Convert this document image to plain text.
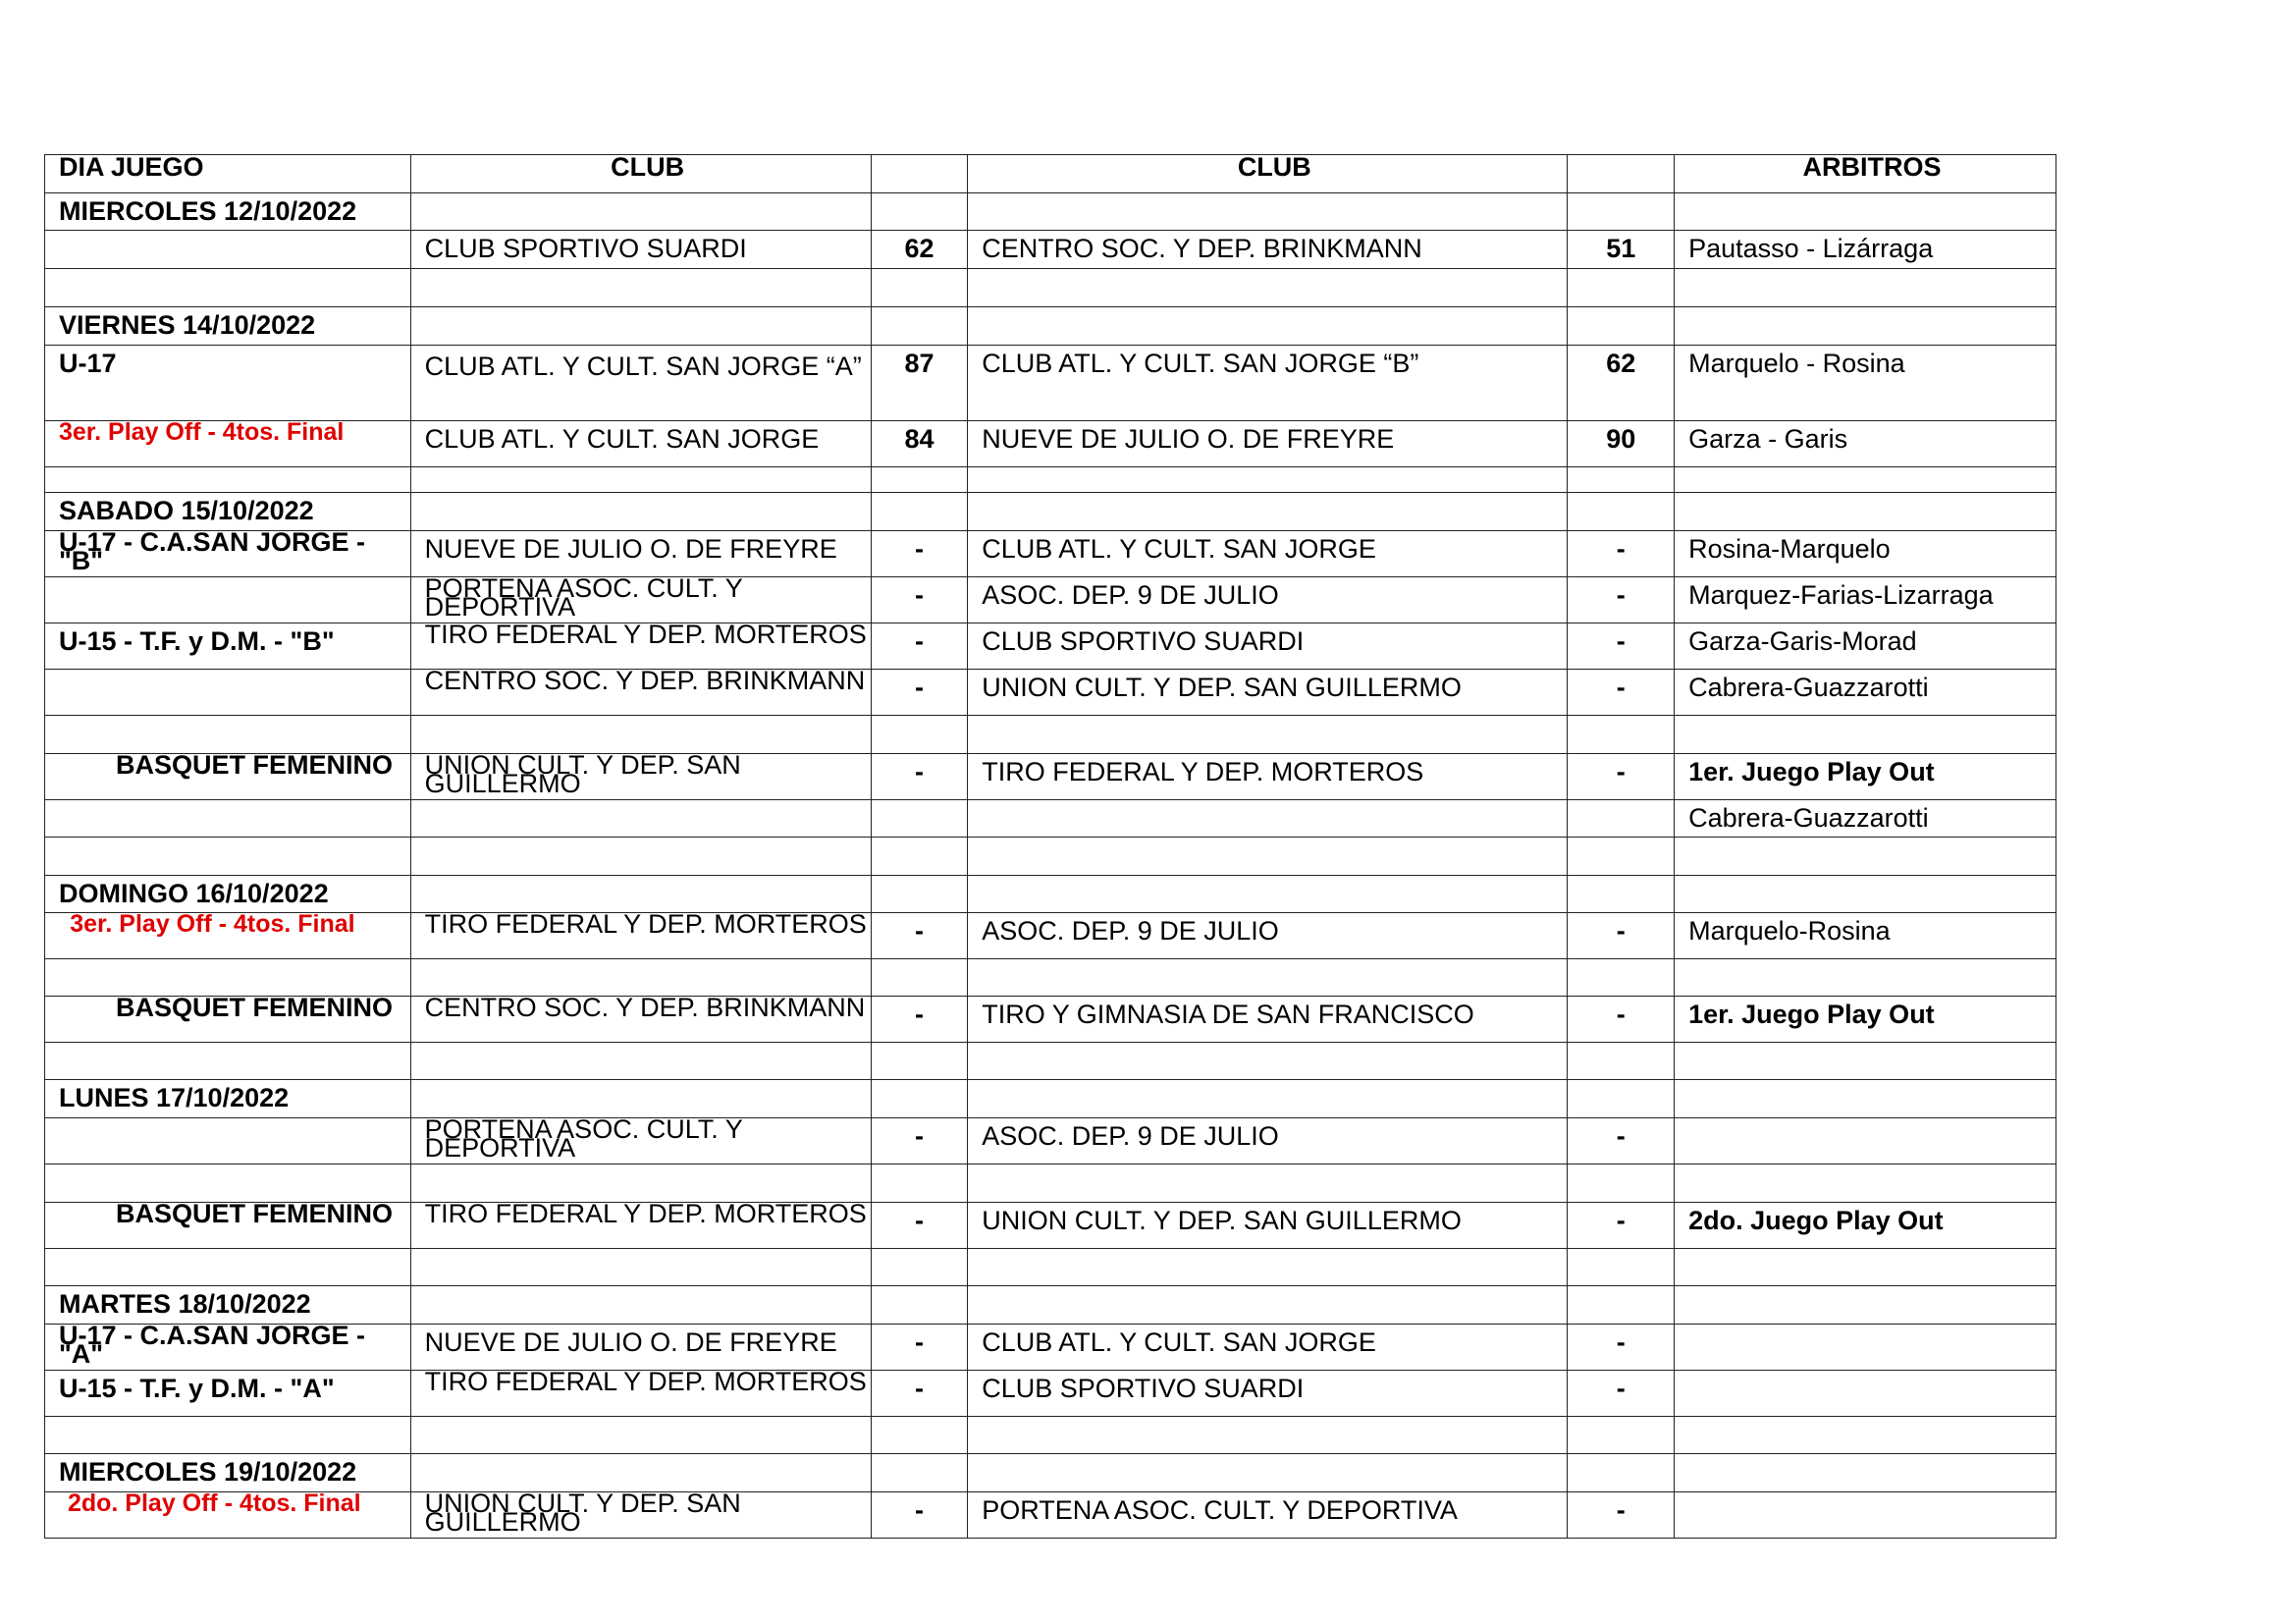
DIA JUEGO	CLUB		CLUB		ARBITROS
MIERCOLES 12/10/2022					
	CLUB SPORTIVO SUARDI	62	CENTRO SOC. Y DEP. BRINKMANN	51	Pautasso - Lizárraga

VIERNES 14/10/2022					
U-17	CLUB ATL. Y CULT. SAN JORGE “A”	87	CLUB ATL. Y CULT. SAN JORGE “B”	62	Marquelo - Rosina
3er. Play Off - 4tos. Final	CLUB ATL. Y CULT. SAN JORGE	84	NUEVE DE JULIO O. DE FREYRE	90	Garza - Garis

SABADO 15/10/2022					
U-17 - C.A.SAN JORGE - "B"	NUEVE DE JULIO O. DE FREYRE	-	CLUB ATL. Y CULT. SAN JORGE	-	Rosina-Marquelo
	PORTENA ASOC. CULT. Y DEPORTIVA	-	ASOC. DEP. 9 DE JULIO	-	Marquez-Farias-Lizarraga
U-15 - T.F. y D.M. - "B"	TIRO FEDERAL Y DEP. MORTEROS	-	CLUB SPORTIVO SUARDI	-	Garza-Garis-Morad
	CENTRO SOC. Y DEP. BRINKMANN	-	UNION CULT. Y DEP. SAN GUILLERMO	-	Cabrera-Guazzarotti

BASQUET FEMENINO	UNION CULT. Y DEP. SAN GUILLERMO	-	TIRO FEDERAL Y DEP. MORTEROS	-	1er. Juego Play Out
					Cabrera-Guazzarotti

DOMINGO 16/10/2022					
3er. Play Off - 4tos. Final	TIRO FEDERAL Y DEP. MORTEROS	-	ASOC. DEP. 9 DE JULIO	-	Marquelo-Rosina

BASQUET FEMENINO	CENTRO SOC. Y DEP. BRINKMANN	-	TIRO Y GIMNASIA DE SAN FRANCISCO	-	1er. Juego Play Out

LUNES 17/10/2022					
	PORTENA ASOC. CULT. Y DEPORTIVA	-	ASOC. DEP. 9 DE JULIO	-	

BASQUET FEMENINO	TIRO FEDERAL Y DEP. MORTEROS	-	UNION CULT. Y DEP. SAN GUILLERMO	-	2do. Juego Play Out

MARTES 18/10/2022					
U-17 - C.A.SAN JORGE - "A"	NUEVE DE JULIO O. DE FREYRE	-	CLUB ATL. Y CULT. SAN JORGE	-	
U-15 - T.F. y D.M. - "A"	TIRO FEDERAL Y DEP. MORTEROS	-	CLUB SPORTIVO SUARDI	-	

MIERCOLES 19/10/2022					
2do. Play Off - 4tos. Final	UNION CULT. Y DEP. SAN GUILLERMO	-	PORTENA ASOC. CULT. Y DEPORTIVA	-	
